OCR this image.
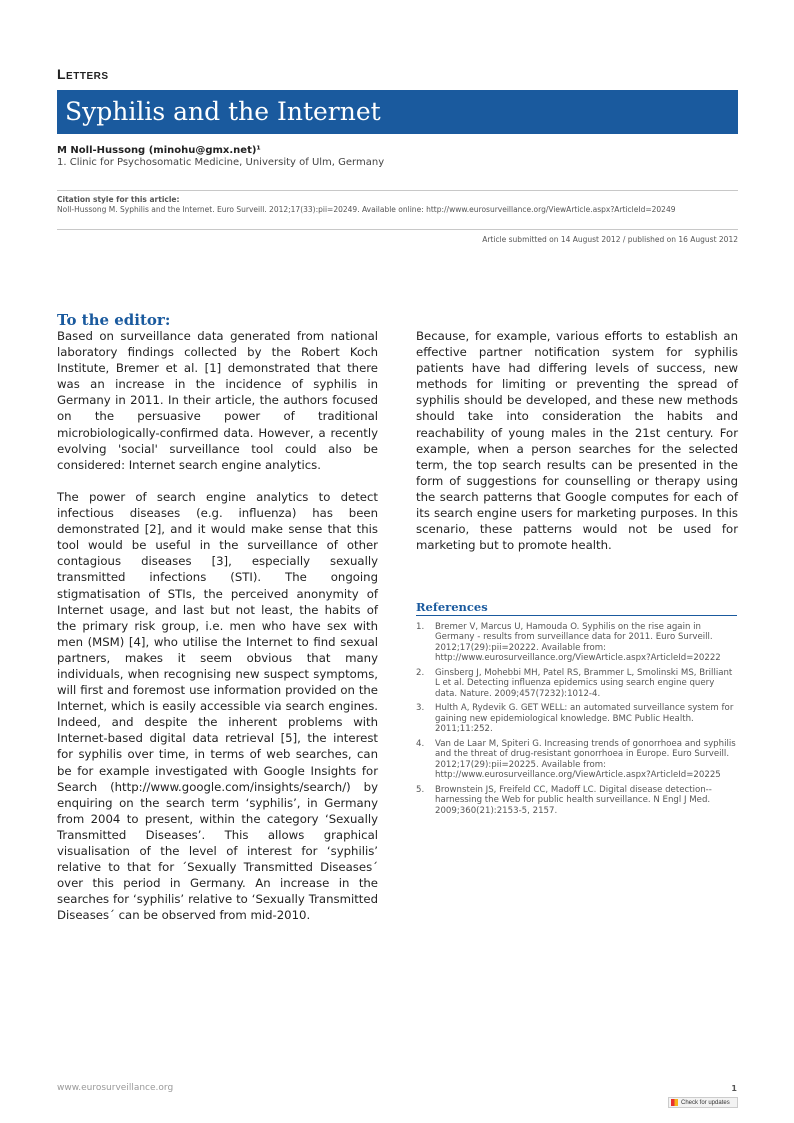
Letters
Syphilis and the Internet
M Noll-Hussong (minohu@gmx.net)¹
1. Clinic for Psychosomatic Medicine, University of Ulm, Germany
Citation style for this article:
Noll-Hussong M. Syphilis and the Internet. Euro Surveill. 2012;17(33):pii=20249. Available online: http://www.eurosurveillance.org/ViewArticle.aspx?ArticleId=20249
Article submitted on 14 August 2012 / published on 16 August 2012
To the editor:

Based on surveillance data generated from national laboratory findings collected by the Robert Koch Institute, Bremer et al. [1] demonstrated that there was an increase in the incidence of syphilis in Germany in 2011. In their article, the authors focused on the persuasive power of traditional microbiologically-confirmed data. However, a recently evolving 'social' surveillance tool could also be considered: Internet search engine analytics.

The power of search engine analytics to detect infectious diseases (e.g. influenza) has been demonstrated [2], and it would make sense that this tool would be useful in the surveillance of other contagious diseases [3], especially sexually transmitted infections (STI). The ongoing stigmatisation of STIs, the perceived anonymity of Internet usage, and last but not least, the habits of the primary risk group, i.e. men who have sex with men (MSM) [4], who utilise the Internet to find sexual partners, makes it seem obvious that many individuals, when recognising new suspect symptoms, will first and foremost use information provided on the Internet, which is easily accessible via search engines. Indeed, and despite the inherent problems with Internet-based digital data retrieval [5], the interest for syphilis over time, in terms of web searches, can be for example investigated with Google Insights for Search (http://www.google.com/insights/search/) by enquiring on the search term ‘syphilis’, in Germany from 2004 to present, within the category ‘Sexually Transmitted Diseases’. This allows graphical visualisation of the level of interest for ‘syphilis’ relative to that for ´Sexually Transmitted Diseases´ over this period in Germany. An increase in the searches for ‘syphilis’ relative to ‘Sexually Transmitted Diseases´ can be observed from mid-2010.

Because, for example, various efforts to establish an effective partner notification system for syphilis patients have had differing levels of success, new methods for limiting or preventing the spread of syphilis should be developed, and these new methods should take into consideration the habits and reachability of young males in the 21st century. For example, when a person searches for the selected term, the top search results can be presented in the form of suggestions for counselling or therapy using the search patterns that Google computes for each of its search engine users for marketing purposes. In this scenario, these patterns would not be used for marketing but to promote health.

References
1.	Bremer V, Marcus U, Hamouda O. Syphilis on the rise again in Germany - results from surveillance data for 2011. Euro Surveill. 2012;17(29):pii=20222. Available from: http://www.eurosurveillance.org/ViewArticle.aspx?ArticleId=20222
2.	Ginsberg J, Mohebbi MH, Patel RS, Brammer L, Smolinski MS, Brilliant L et al. Detecting influenza epidemics using search engine query data. Nature. 2009;457(7232):1012-4.
3.	Hulth A, Rydevik G. GET WELL: an automated surveillance system for gaining new epidemiological knowledge. BMC Public Health. 2011;11:252.
4.	Van de Laar M, Spiteri G. Increasing trends of gonorrhoea and syphilis and the threat of drug-resistant gonorrhoea in Europe. Euro Surveill. 2012;17(29):pii=20225. Available from: http://www.eurosurveillance.org/ViewArticle.aspx?ArticleId=20225
5.	Brownstein JS, Freifeld CC, Madoff LC. Digital disease detection--harnessing the Web for public health surveillance. N Engl J Med. 2009;360(21):2153-5, 2157.
www.eurosurveillance.org	1
Check for updates
